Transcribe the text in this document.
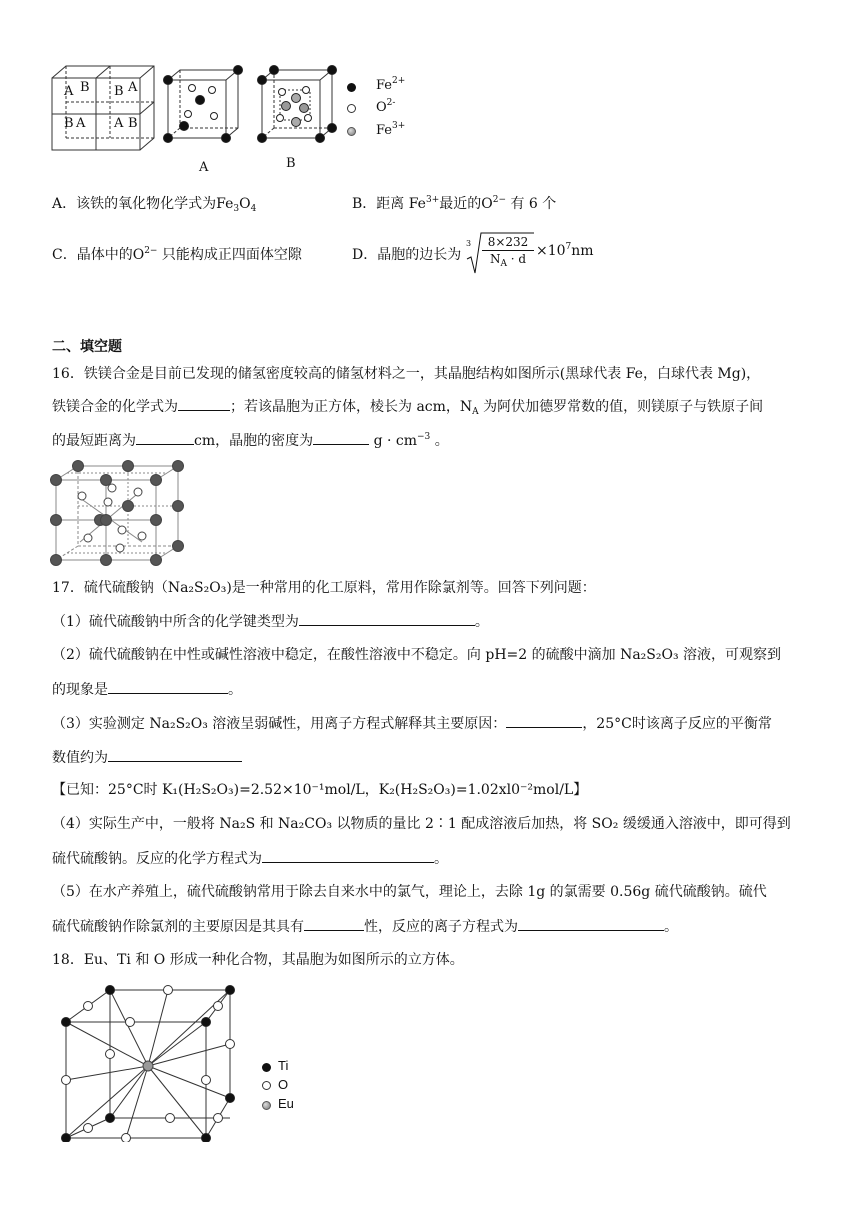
A B B A
B A A B
A	B
$Fe^{2+}$
$O^{2-}$
$Fe^{3+}$
A．该铁的氧化物化学式为$Fe_3O_4$	B．距离 $Fe^{3+}$最近的$O^{2-}$ 有 6 个
C．晶体中的$O^{2-}$ 只能构成正四面体空隙	D．晶胞的边长为
3	8×232
$N_A \cdot d \times 10^7nm$
二、填空题
16．铁镁合金是目前已发现的储氢密度较高的储氢材料之一，其晶胞结构如图所示(黑球代表 Fe，白球代表 Mg)，
铁镁合金的化学式为	；若该晶胞为正方体，棱长为 acm，$N_A$ 为阿伏加德罗常数的值，则镁原子与铁原子间
的最短距离为	cm，晶胞的密度为	$g \cdot cm^{-3}$ 。
17．硫代硫酸钠（Na₂S₂O₃)是一种常用的化工原料，常用作除氯剂等。回答下列问题：
（1）硫代硫酸钠中所含的化学键类型为	。
（2）硫代硫酸钠在中性或碱性溶液中稳定，在酸性溶液中不稳定。向 pH=2 的硫酸中滴加 Na₂S₂O₃ 溶液，可观察到
的现象是	。
（3）实验测定 Na₂S₂O₃ 溶液呈弱碱性，用离子方程式解释其主要原因：	，25°C时该离子反应的平衡常
数值约为
【已知：25°C时 K₁(H₂S₂O₃)=2.52×10⁻¹mol/L，K₂(H₂S₂O₃)=1.02xl0⁻²mol/L】
（4）实际生产中，一般将 Na₂S 和 Na₂CO₃ 以物质的量比 2∶1 配成溶液后加热，将 SO₂ 缓缓通入溶液中，即可得到
硫代硫酸钠。反应的化学方程式为	。
（5）在水产养殖上，硫代硫酸钠常用于除去自来水中的氯气，理论上，去除 1g 的氯需要 0.56g 硫代硫酸钠。硫代
硫代硫酸钠作除氯剂的主要原因是其具有	性，反应的离子方程式为	。
18．Eu、Ti 和 O 形成一种化合物，其晶胞为如图所示的立方体。
Ti
O
Eu
